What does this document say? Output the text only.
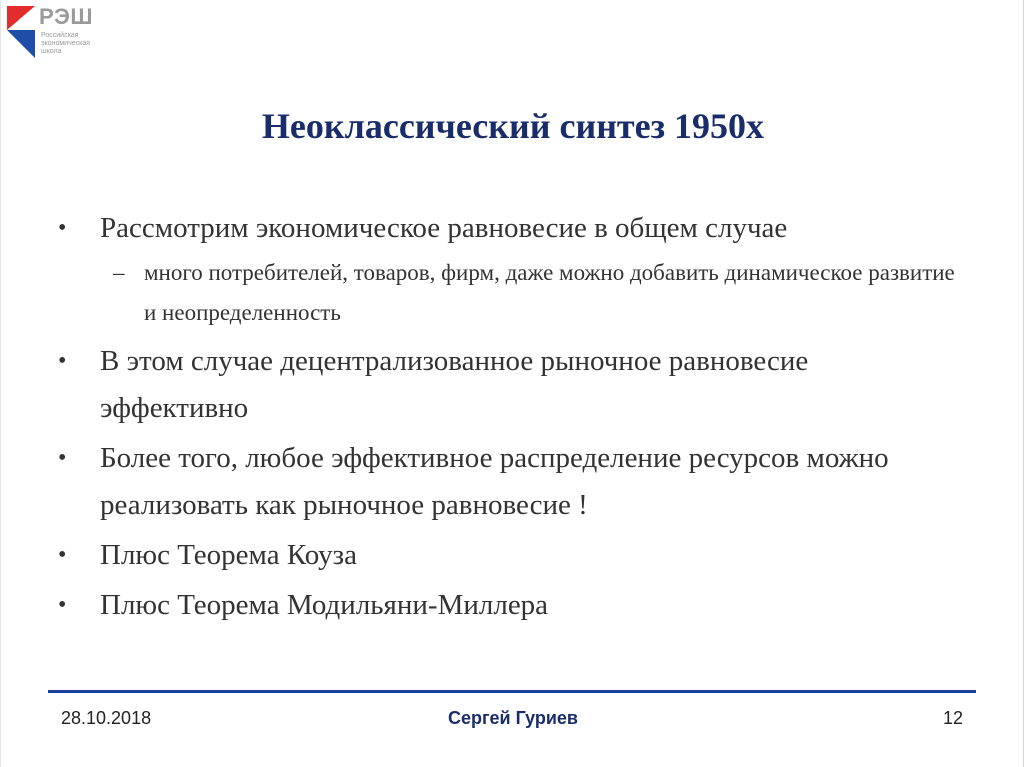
РЭШ
Российская
экономическая
школа
Неоклассический синтез 1950х
• Рассмотрим экономическое равновесие в общем случае
– много потребителей, товаров, фирм, даже можно добавить динамическое развитие и неопределенность
• В этом случае децентрализованное рыночное равновесие эффективно
• Более того, любое эффективное распределение ресурсов можно реализовать как рыночное равновесие !
• Плюс Теорема Коуза
• Плюс Теорема Модильяни-Миллера
28.10.2018	Сергей Гуриев	12
